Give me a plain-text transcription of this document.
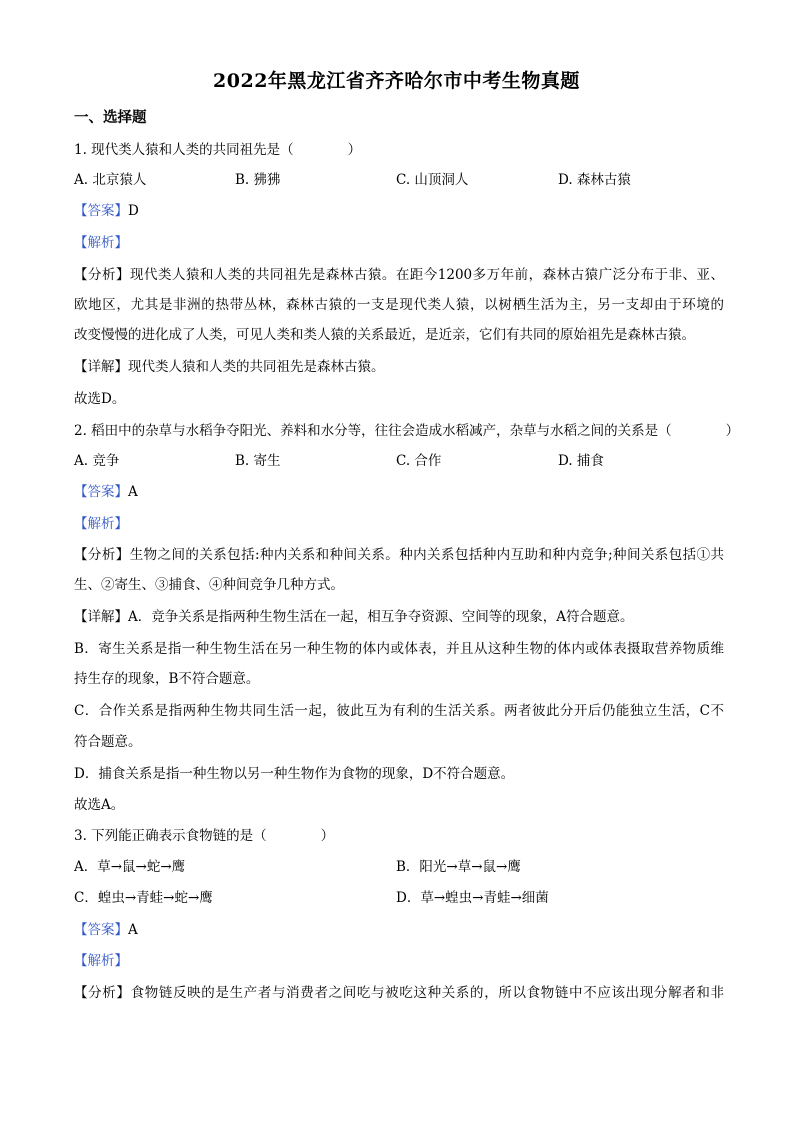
2022年黑龙江省齐齐哈尔市中考生物真题
一、选择题
1. 现代类人猿和人类的共同祖先是（　　　　）
A. 北京猿人	B. 狒狒	C. 山顶洞人	D. 森林古猿
【答案】D
【解析】
【分析】现代类人猿和人类的共同祖先是森林古猿。在距今1200多万年前，森林古猿广泛分布于非、亚、
欧地区，尤其是非洲的热带丛林，森林古猿的一支是现代类人猿，以树栖生活为主，另一支却由于环境的
改变慢慢的进化成了人类，可见人类和类人猿的关系最近，是近亲，它们有共同的原始祖先是森林古猿。
【详解】现代类人猿和人类的共同祖先是森林古猿。
故选D。
2. 稻田中的杂草与水稻争夺阳光、养料和水分等，往往会造成水稻减产，杂草与水稻之间的关系是（　　　　）
A. 竞争	B. 寄生	C. 合作	D. 捕食
【答案】A
【解析】
【分析】生物之间的关系包括:种内关系和种间关系。种内关系包括种内互助和种内竞争;种间关系包括①共
生、②寄生、③捕食、④种间竞争几种方式。
【详解】A．竞争关系是指两种生物生活在一起，相互争夺资源、空间等的现象，A符合题意。
B．寄生关系是指一种生物生活在另一种生物的体内或体表，并且从这种生物的体内或体表摄取营养物质维
持生存的现象，B不符合题意。
C．合作关系是指两种生物共同生活一起，彼此互为有利的生活关系。两者彼此分开后仍能独立生活，C不
符合题意。
D．捕食关系是指一种生物以另一种生物作为食物的现象，D不符合题意。
故选A。
3. 下列能正确表示食物链的是（　　　　）
A．草→鼠→蛇→鹰	B．阳光→草→鼠→鹰
C．蝗虫→青蛙→蛇→鹰	D．草→蝗虫→青蛙→细菌
【答案】A
【解析】
【分析】食物链反映的是生产者与消费者之间吃与被吃这种关系的，所以食物链中不应该出现分解者和非
